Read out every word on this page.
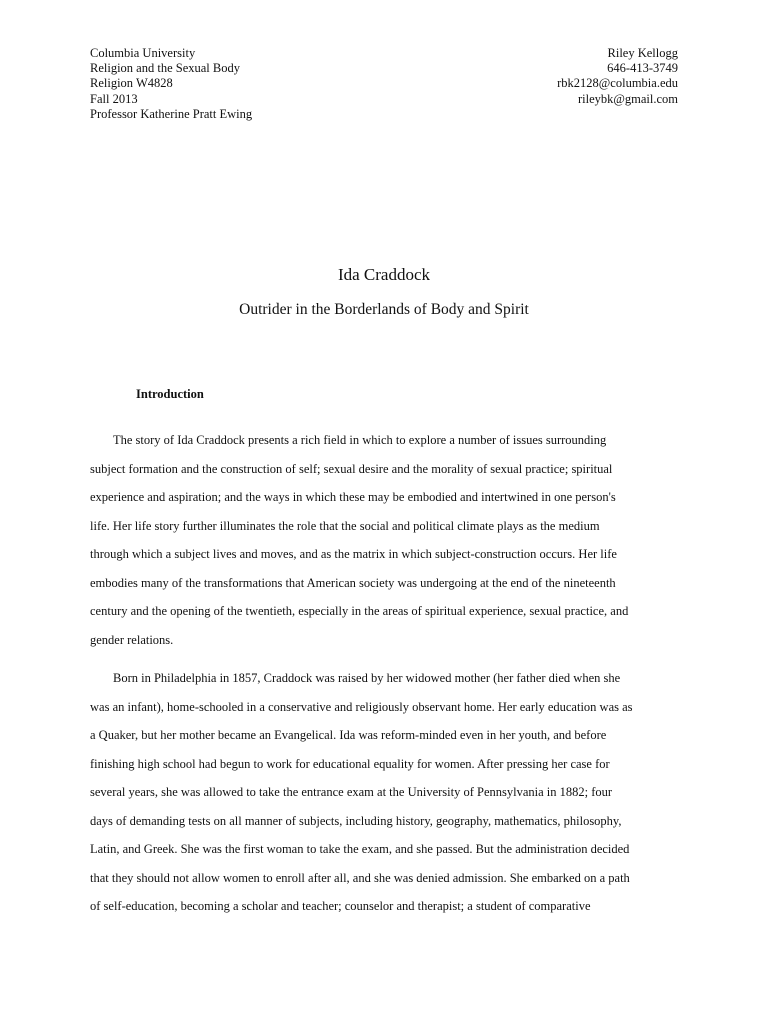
Columbia University
Religion and the Sexual Body
Religion W4828
Fall 2013
Professor Katherine Pratt Ewing
Riley Kellogg
646-413-3749
rbk2128@columbia.edu
rileybk@gmail.com
Ida Craddock
Outrider in the Borderlands of Body and Spirit
Introduction
The story of Ida Craddock presents a rich field in which to explore a number of issues surrounding
subject formation and the construction of self; sexual desire and the morality of sexual practice; spiritual
experience and aspiration; and the ways in which these may be embodied and intertwined in one person's
life. Her life story further illuminates the role that the social and political climate plays as the medium
through which a subject lives and moves, and as the matrix in which subject-construction occurs. Her life
embodies many of the transformations that American society was undergoing at the end of the nineteenth
century and the opening of the twentieth, especially in the areas of spiritual experience, sexual practice, and
gender relations.
Born in Philadelphia in 1857, Craddock was raised by her widowed mother (her father died when she
was an infant), home-schooled in a conservative and religiously observant home. Her early education was as
a Quaker, but her mother became an Evangelical. Ida was reform-minded even in her youth, and before
finishing high school had begun to work for educational equality for women. After pressing her case for
several years, she was allowed to take the entrance exam at the University of Pennsylvania in 1882; four
days of demanding tests on all manner of subjects, including history, geography, mathematics, philosophy,
Latin, and Greek. She was the first woman to take the exam, and she passed. But the administration decided
that they should not allow women to enroll after all, and she was denied admission. She embarked on a path
of self-education, becoming a scholar and teacher; counselor and therapist; a student of comparative
